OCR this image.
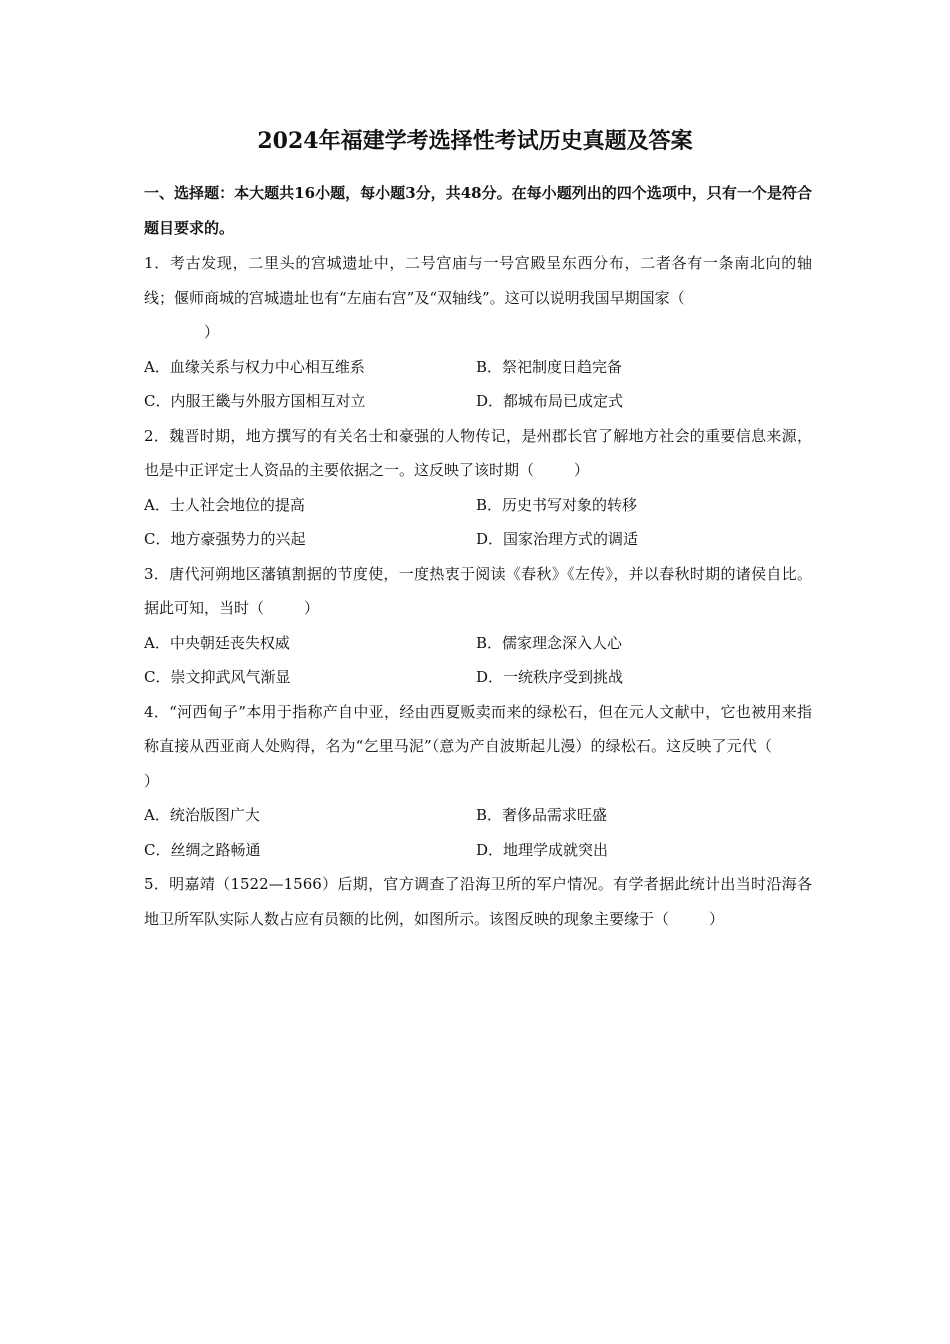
2024年福建学考选择性考试历史真题及答案
一、选择题：本大题共16小题，每小题3分，共48分。在每小题列出的四个选项中，只有一个是符合题目要求的。
1．考古发现，二里头的宫城遗址中，二号宫庙与一号宫殿呈东西分布，二者各有一条南北向的轴线；偃师商城的宫城遗址也有“左庙右宫”及“双轴线”。这可以说明我国早期国家（
）
A．血缘关系与权力中心相互维系	B．祭祀制度日趋完备
C．内服王畿与外服方国相互对立	D．都城布局已成定式
2．魏晋时期，地方撰写的有关名士和豪强的人物传记，是州郡长官了解地方社会的重要信息来源，也是中正评定士人资品的主要依据之一。这反映了该时期（	）
A．士人社会地位的提高	B．历史书写对象的转移
C．地方豪强势力的兴起	D．国家治理方式的调适
3．唐代河朔地区藩镇割据的节度使，一度热衷于阅读《春秋》《左传》，并以春秋时期的诸侯自比。据此可知，当时（	）
A．中央朝廷丧失权威	B．儒家理念深入人心
C．崇文抑武风气渐显	D．一统秩序受到挑战
4．“河西甸子”本用于指称产自中亚，经由西夏贩卖而来的绿松石，但在元人文献中，它也被用来指称直接从西亚商人处购得，名为“乞里马泥”（意为产自波斯起儿漫）的绿松石。这反映了元代（）
A．统治版图广大	B．奢侈品需求旺盛
C．丝绸之路畅通	D．地理学成就突出
5．明嘉靖（1522—1566）后期，官方调查了沿海卫所的军户情况。有学者据此统计出当时沿海各地卫所军队实际人数占应有员额的比例，如图所示。该图反映的现象主要缘于（	）
